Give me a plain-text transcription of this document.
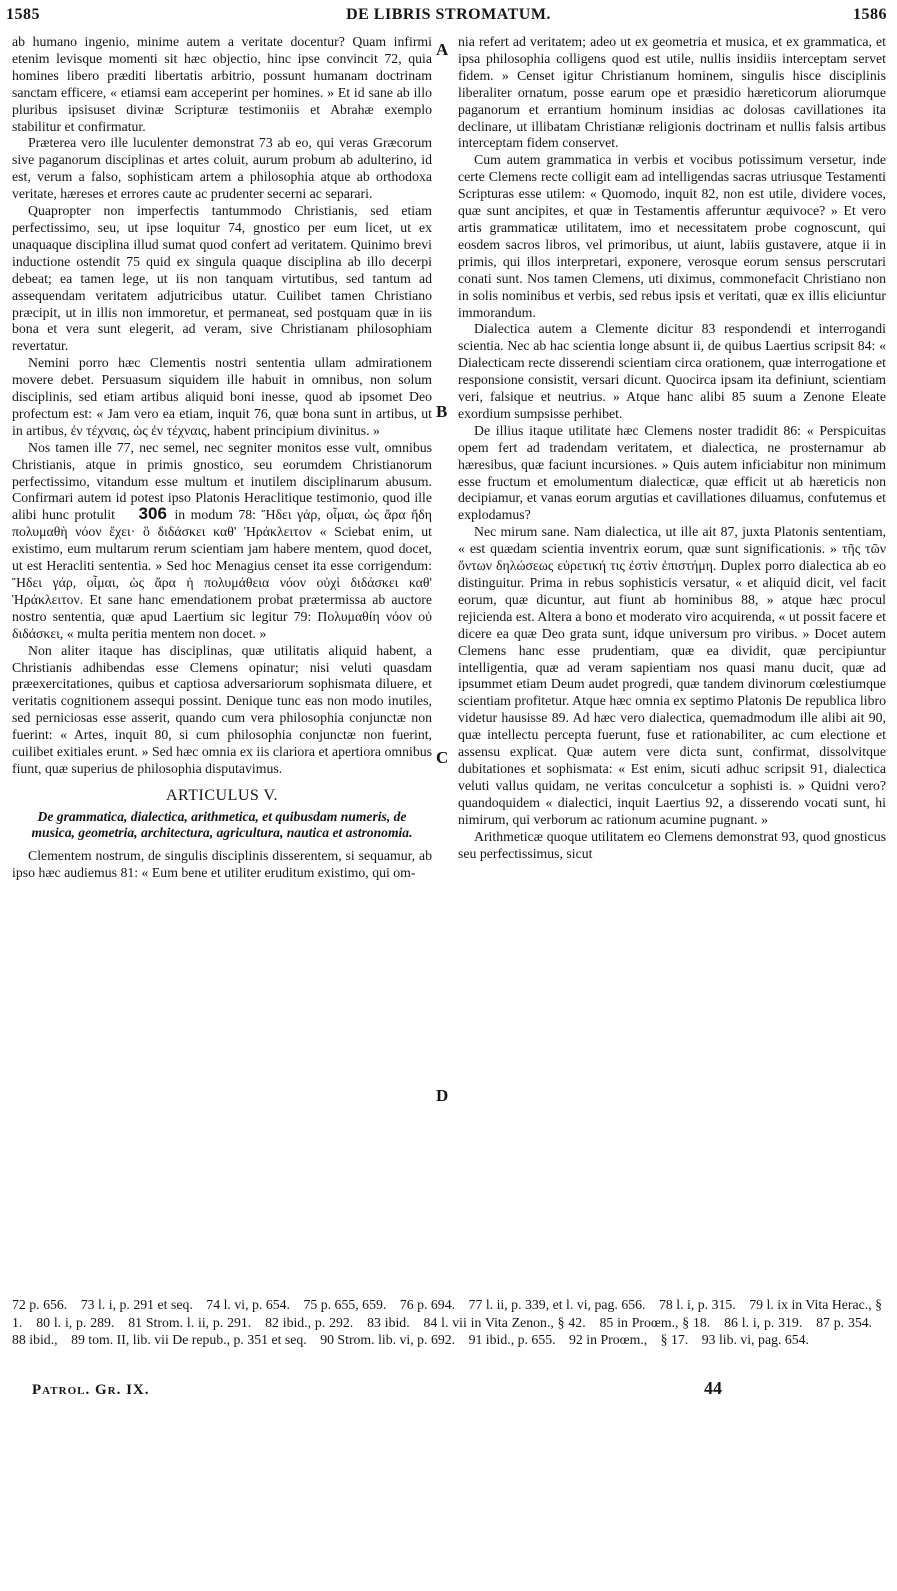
1585	DE LIBRIS STROMATUM.	1586

ab humano ingenio, minime autem a veritate docentur? Quam infirmi etenim levisque momenti sit hæc objectio, hinc ipse convincit 72, quia homines libero præditi libertatis arbitrio, possunt humanam doctrinam sanctam efficere, « etiamsi eam acceperint per homines. » Et id sane ab illo pluribus ipsisuset divinæ Scripturæ testimoniis et Abrahæ exemplo stabilitur et confirmatur.

Præterea vero ille luculenter demonstrat 73 ab eo, qui veras Græcorum sive paganorum disciplinas et artes coluit, aurum probum ab adulterino, id est, verum a falso, sophisticam artem a philosophia atque ab orthodoxa veritate, hæreses et errores caute ac prudenter secerni ac separari.

Quapropter non imperfectis tantummodo Christianis, sed etiam perfectissimo, seu, ut ipse loquitur 74, gnostico per eum licet, ut ex unaquaque disciplina illud sumat quod confert ad veritatem. Quinimo brevi inductione ostendit 75 quid ex singula quaque disciplina ab illo decerpi debeat; ea tamen lege, ut iis non tanquam virtutibus, sed tantum ad assequendam veritatem adjutricibus utatur. Cuilibet tamen Christiano præcipit, ut in illis non immoretur, et permaneat, sed postquam quæ in iis bona et vera sunt elegerit, ad veram, sive Christianam philosophiam revertatur.

Nemini porro hæc Clementis nostri sententia ullam admirationem movere debet. Persuasum siquidem ille habuit in omnibus, non solum disciplinis, sed etiam artibus aliquid boni inesse, quod ab ipsomet Deo profectum est: « Jam vero ea etiam, inquit 76, quæ bona sunt in artibus, ut in artibus, ἐν τέχναις, ὡς ἐν τέχναις, habent principium divinitus. »

Nos tamen ille 77, nec semel, nec segniter monitos esse vult, omnibus Christianis, atque in primis gnostico, seu eorumdem Christianorum perfectissimo, vitandum esse multum et inutilem disciplinarum abusum. Confirmari autem id potest ipso Platonis Heraclitique testimonio, quod ille alibi hunc protulit 306 in modum 78: Ἤδει γάρ, οἶμαι, ὡς ἄρα ἤδη πολυμαθὴ νόον ἔχει· ὃ διδάσκει καθ' Ἡράκλειτον « Sciebat enim, ut existimo, eum multarum rerum scientiam jam habere mentem, quod docet, ut est Heracliti sententia. » Sed hoc Menagius censet ita esse corrigendum: Ἤδει γάρ, οἶμαι, ὡς ἄρα ἡ πολυμάθεια νόον οὐχὶ διδάσκει καθ' Ἡράκλειτον. Et sane hanc emendationem probat prætermissa ab auctore nostro sententia, quæ apud Laertium sic legitur 79: Πολυμαθίη νόον οὐ διδάσκει, « multa peritia mentem non docet. »

Non aliter itaque has disciplinas, quæ utilitatis aliquid habent, a Christianis adhibendas esse Clemens opinatur; nisi veluti quasdam præexercitationes, quibus et captiosa adversariorum sophismata diluere, et veritatis cognitionem assequi possint. Denique tunc eas non modo inutiles, sed perniciosas esse asserit, quando cum vera philosophia conjunctæ non fuerint: « Artes, inquit 80, si cum philosophia conjunctæ non fuerint, cuilibet exitiales erunt. » Sed hæc omnia ex iis clariora et apertiora omnibus fiunt, quæ superius de philosophia disputavimus.

ARTICULUS V.
De grammatica, dialectica, arithmetica, et quibusdam numeris, de musica, geometria, architectura, agricultura, nautica et astronomia.

Clementem nostrum, de singulis disciplinis disserentem, si sequamur, ab ipso hæc audiemus 81: « Eum bene et utiliter eruditum existimo, qui om-

A
B
C
D

nia refert ad veritatem; adeo ut ex geometria et musica, et ex grammatica, et ipsa philosophia colligens quod est utile, nullis insidiis interceptam servet fidem. » Censet igitur Christianum hominem, singulis hisce disciplinis liberaliter ornatum, posse earum ope et præsidio hæreticorum aliorumque paganorum et errantium hominum insidias ac dolosas cavillationes ita declinare, ut illibatam Christianæ religionis doctrinam et nullis falsis artibus interceptam fidem conservet.

Cum autem grammatica in verbis et vocibus potissimum versetur, inde certe Clemens recte colligit eam ad intelligendas sacras utriusque Testamenti Scripturas esse utilem: « Quomodo, inquit 82, non est utile, dividere voces, quæ sunt ancipites, et quæ in Testamentis afferuntur æquivoce? » Et vero artis grammaticæ utilitatem, imo et necessitatem probe cognoscunt, qui eosdem sacros libros, vel primoribus, ut aiunt, labiis gustavere, atque ii in primis, qui illos interpretari, exponere, verosque eorum sensus perscrutari conati sunt. Nos tamen Clemens, uti diximus, commonefacit Christiano non in solis nominibus et verbis, sed rebus ipsis et veritati, quæ ex illis eliciuntur immorandum.

Dialectica autem a Clemente dicitur 83 respondendi et interrogandi scientia. Nec ab hac scientia longe absunt ii, de quibus Laertius scripsit 84: « Dialecticam recte disserendi scientiam circa orationem, quæ interrogatione et responsione consistit, versari dicunt. Quocirca ipsam ita definiunt, scientiam veri, falsique et neutrius. » Atque hanc alibi 85 suum a Zenone Eleate exordium sumpsisse perhibet.

De illius itaque utilitate hæc Clemens noster tradidit 86: « Perspicuitas opem fert ad tradendam veritatem, et dialectica, ne prosternamur ab hæresibus, quæ faciunt incursiones. » Quis autem inficiabitur non minimum esse fructum et emolumentum dialecticæ, quæ efficit ut ab hæreticis non decipiamur, et vanas eorum argutias et cavillationes diluamus, confutemus et explodamus?

Nec mirum sane. Nam dialectica, ut ille ait 87, juxta Platonis sententiam, « est quædam scientia inventrix eorum, quæ sunt significationis. » τῆς τῶν ὄντων δηλώσεως εὑρετική τις ἐστὶν ἐπιστήμη. Duplex porro dialectica ab eo distinguitur. Prima in rebus sophisticis versatur, « et aliquid dicit, vel facit eorum, quæ dicuntur, aut fiunt ab hominibus 88, » atque hæc procul rejicienda est. Altera a bono et moderato viro acquirenda, « ut possit facere et dicere ea quæ Deo grata sunt, idque universum pro viribus. » Docet autem Clemens hanc esse prudentiam, quæ ea dividit, quæ percipiuntur intelligentia, quæ ad veram sapientiam nos quasi manu ducit, quæ ad ipsummet etiam Deum audet progredi, quæ tandem divinorum cœlestiumque scientiam profitetur. Atque hæc omnia ex septimo Platonis De republica libro videtur hausisse 89. Ad hæc vero dialectica, quemadmodum ille alibi ait 90, quæ intellectu percepta fuerunt, fuse et rationabiliter, ac cum electione et assensu explicat. Quæ autem vere dicta sunt, confirmat, dissolvitque dubitationes et sophismata: « Est enim, sicuti adhuc scripsit 91, dialectica veluti vallus quidam, ne veritas conculcetur a sophisti is. » Quidni vero? quandoquidem « dialectici, inquit Laertius 92, a disserendo vocati sunt, hi nimirum, qui verborum ac rationum acumine pugnant. »

Arithmeticæ quoque utilitatem eo Clemens demonstrat 93, quod gnosticus seu perfectissimus, sicut

72 p. 656. 73 l. i, p. 291 et seq. 74 l. vi, p. 654. 75 p. 655, 659. 76 p. 694. 77 l. ii, p. 339, et l. vi, pag. 656. 78 l. i, p. 315. 79 l. ix in Vita Herac., § 1. 80 l. i, p. 289. 81 Strom. l. ii, p. 291. 82 ibid., p. 292. 83 ibid. 84 l. vii in Vita Zenon., § 42. 85 in Proœm., § 18. 86 l. i, p. 319. 87 p. 354. 88 ibid., 89 tom. II, lib. vii De repub., p. 351 et seq. 90 Strom. lib. vi, p. 692. 91 ibid., p. 655. 92 in Proœm., § 17. 93 lib. vi, pag. 654.
Patrol. Gr. IX.	44
